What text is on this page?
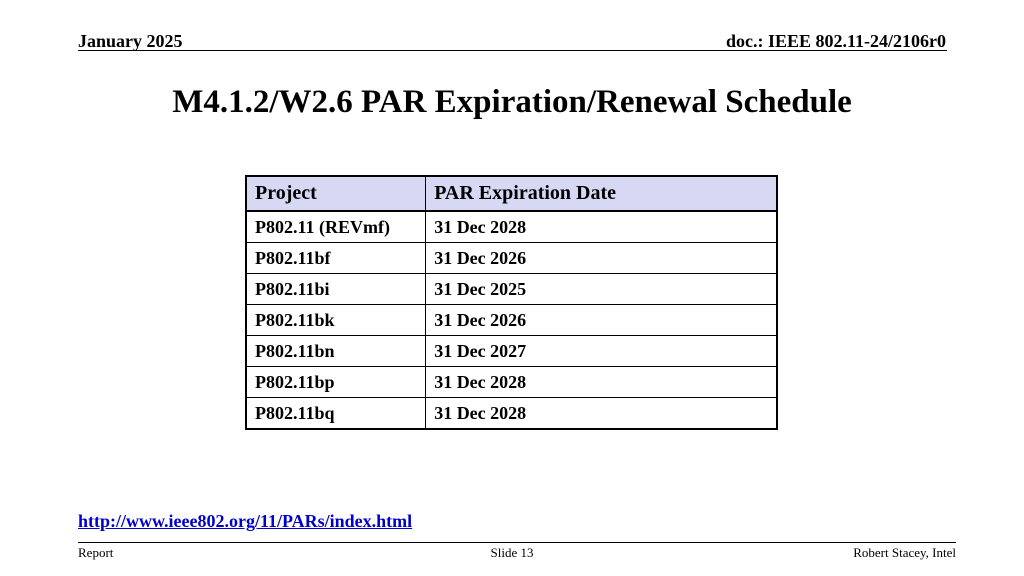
January 2025	doc.: IEEE 802.11-24/2106r0
M4.1.2/W2.6 PAR Expiration/Renewal Schedule
Project	PAR Expiration Date
P802.11 (REVmf)	31 Dec 2028
P802.11bf	31 Dec 2026
P802.11bi	31 Dec 2025
P802.11bk	31 Dec 2026
P802.11bn	31 Dec 2027
P802.11bp	31 Dec 2028
P802.11bq	31 Dec 2028
http://www.ieee802.org/11/PARs/index.html
Report	Slide 13	Robert Stacey, Intel
